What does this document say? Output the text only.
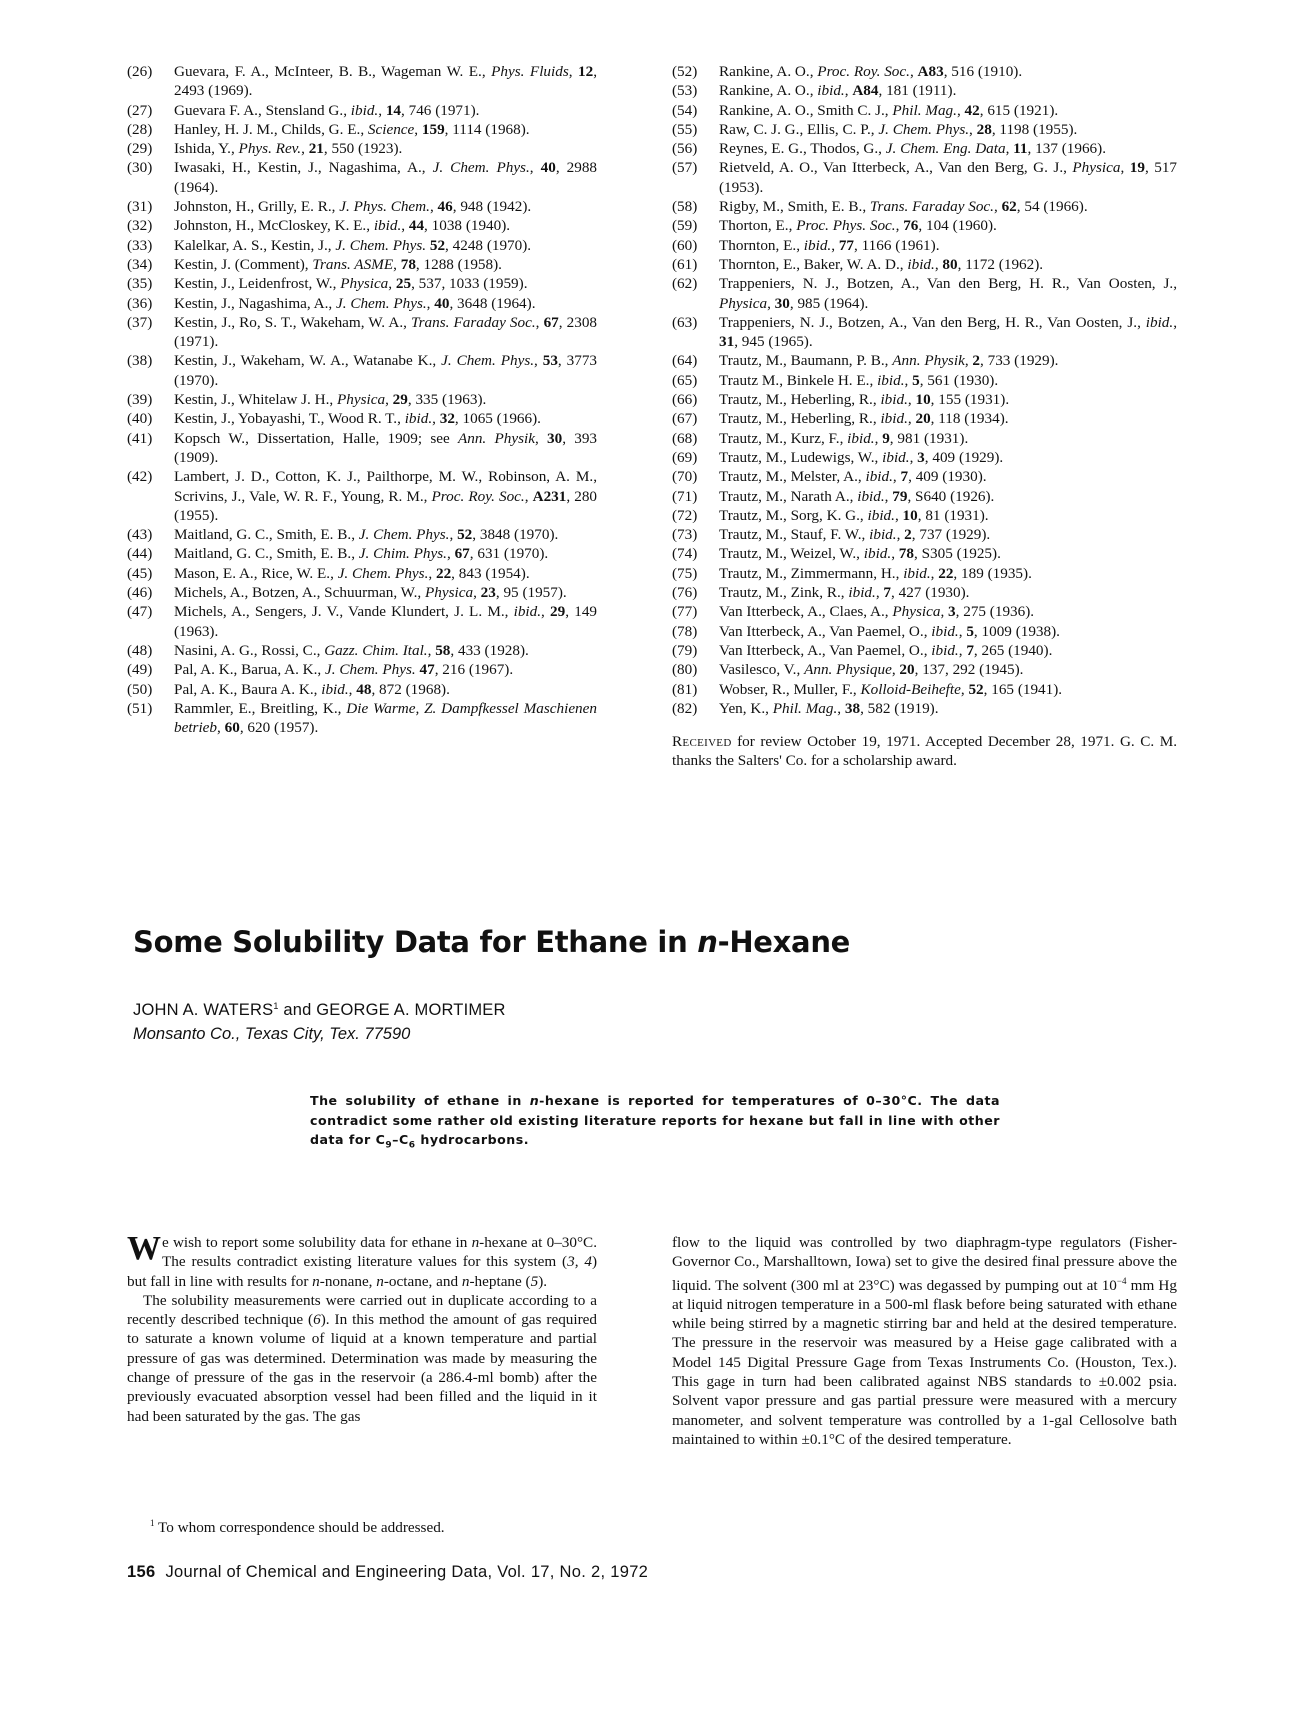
(26)	Guevara, F. A., McInteer, B. B., Wageman W. E., Phys. Fluids, 12, 2493 (1969).
(27)	Guevara F. A., Stensland G., ibid., 14, 746 (1971).
(28)	Hanley, H. J. M., Childs, G. E., Science, 159, 1114 (1968).
(29)	Ishida, Y., Phys. Rev., 21, 550 (1923).
(30)	Iwasaki, H., Kestin, J., Nagashima, A., J. Chem. Phys., 40, 2988 (1964).
(31)	Johnston, H., Grilly, E. R., J. Phys. Chem., 46, 948 (1942).
(32)	Johnston, H., McCloskey, K. E., ibid., 44, 1038 (1940).
(33)	Kalelkar, A. S., Kestin, J., J. Chem. Phys. 52, 4248 (1970).
(34)	Kestin, J. (Comment), Trans. ASME, 78, 1288 (1958).
(35)	Kestin, J., Leidenfrost, W., Physica, 25, 537, 1033 (1959).
(36)	Kestin, J., Nagashima, A., J. Chem. Phys., 40, 3648 (1964).
(37)	Kestin, J., Ro, S. T., Wakeham, W. A., Trans. Faraday Soc., 67, 2308 (1971).
(38)	Kestin, J., Wakeham, W. A., Watanabe K., J. Chem. Phys., 53, 3773 (1970).
(39)	Kestin, J., Whitelaw J. H., Physica, 29, 335 (1963).
(40)	Kestin, J., Yobayashi, T., Wood R. T., ibid., 32, 1065 (1966).
(41)	Kopsch W., Dissertation, Halle, 1909; see Ann. Physik, 30, 393 (1909).
(42)	Lambert, J. D., Cotton, K. J., Pailthorpe, M. W., Robinson, A. M., Scrivins, J., Vale, W. R. F., Young, R. M., Proc. Roy. Soc., A231, 280 (1955).
(43)	Maitland, G. C., Smith, E. B., J. Chem. Phys., 52, 3848 (1970).
(44)	Maitland, G. C., Smith, E. B., J. Chim. Phys., 67, 631 (1970).
(45)	Mason, E. A., Rice, W. E., J. Chem. Phys., 22, 843 (1954).
(46)	Michels, A., Botzen, A., Schuurman, W., Physica, 23, 95 (1957).
(47)	Michels, A., Sengers, J. V., Vande Klundert, J. L. M., ibid., 29, 149 (1963).
(48)	Nasini, A. G., Rossi, C., Gazz. Chim. Ital., 58, 433 (1928).
(49)	Pal, A. K., Barua, A. K., J. Chem. Phys. 47, 216 (1967).
(50)	Pal, A. K., Baura A. K., ibid., 48, 872 (1968).
(51)	Rammler, E., Breitling, K., Die Warme, Z. Dampfkessel Maschienen betrieb, 60, 620 (1957).
(52)	Rankine, A. O., Proc. Roy. Soc., A83, 516 (1910).
(53)	Rankine, A. O., ibid., A84, 181 (1911).
(54)	Rankine, A. O., Smith C. J., Phil. Mag., 42, 615 (1921).
(55)	Raw, C. J. G., Ellis, C. P., J. Chem. Phys., 28, 1198 (1955).
(56)	Reynes, E. G., Thodos, G., J. Chem. Eng. Data, 11, 137 (1966).
(57)	Rietveld, A. O., Van Itterbeck, A., Van den Berg, G. J., Physica, 19, 517 (1953).
(58)	Rigby, M., Smith, E. B., Trans. Faraday Soc., 62, 54 (1966).
(59)	Thorton, E., Proc. Phys. Soc., 76, 104 (1960).
(60)	Thornton, E., ibid., 77, 1166 (1961).
(61)	Thornton, E., Baker, W. A. D., ibid., 80, 1172 (1962).
(62)	Trappeniers, N. J., Botzen, A., Van den Berg, H. R., Van Oosten, J., Physica, 30, 985 (1964).
(63)	Trappeniers, N. J., Botzen, A., Van den Berg, H. R., Van Oosten, J., ibid., 31, 945 (1965).
(64)	Trautz, M., Baumann, P. B., Ann. Physik, 2, 733 (1929).
(65)	Trautz M., Binkele H. E., ibid., 5, 561 (1930).
(66)	Trautz, M., Heberling, R., ibid., 10, 155 (1931).
(67)	Trautz, M., Heberling, R., ibid., 20, 118 (1934).
(68)	Trautz, M., Kurz, F., ibid., 9, 981 (1931).
(69)	Trautz, M., Ludewigs, W., ibid., 3, 409 (1929).
(70)	Trautz, M., Melster, A., ibid., 7, 409 (1930).
(71)	Trautz, M., Narath A., ibid., 79, S640 (1926).
(72)	Trautz, M., Sorg, K. G., ibid., 10, 81 (1931).
(73)	Trautz, M., Stauf, F. W., ibid., 2, 737 (1929).
(74)	Trautz, M., Weizel, W., ibid., 78, S305 (1925).
(75)	Trautz, M., Zimmermann, H., ibid., 22, 189 (1935).
(76)	Trautz, M., Zink, R., ibid., 7, 427 (1930).
(77)	Van Itterbeck, A., Claes, A., Physica, 3, 275 (1936).
(78)	Van Itterbeck, A., Van Paemel, O., ibid., 5, 1009 (1938).
(79)	Van Itterbeck, A., Van Paemel, O., ibid., 7, 265 (1940).
(80)	Vasilesco, V., Ann. Physique, 20, 137, 292 (1945).
(81)	Wobser, R., Muller, F., Kolloid-Beihefte, 52, 165 (1941).
(82)	Yen, K., Phil. Mag., 38, 582 (1919).
Received for review October 19, 1971. Accepted December 28, 1971. G. C. M. thanks the Salters' Co. for a scholarship award.
Some Solubility Data for Ethane in n-Hexane
JOHN A. WATERS$^1$ and GEORGE A. MORTIMER
Monsanto Co., Texas City, Tex. 77590
The solubility of ethane in n-hexane is reported for temperatures of 0–30°C. The data contradict some rather old existing literature reports for hexane but fall in line with other data for $C_9-C_6$ hydrocarbons.
We wish to report some solubility data for ethane in n-hexane at 0–30°C. The results contradict existing literature values for this system (3, 4) but fall in line with results for n-nonane, n-octane, and n-heptane (5).
The solubility measurements were carried out in duplicate according to a recently described technique (6). In this method the amount of gas required to saturate a known volume of liquid at a known temperature and partial pressure of gas was determined. Determination was made by measuring the change of pressure of the gas in the reservoir (a 286.4-ml bomb) after the previously evacuated absorption vessel had been filled and the liquid in it had been saturated by the gas. The gas
flow to the liquid was controlled by two diaphragm-type regulators (Fisher-Governor Co., Marshalltown, Iowa) set to give the desired final pressure above the liquid. The solvent (300 ml at 23°C) was degassed by pumping out at $10^{-4}$ mm Hg at liquid nitrogen temperature in a 500-ml flask before being saturated with ethane while being stirred by a magnetic stirring bar and held at the desired temperature. The pressure in the reservoir was measured by a Heise gage calibrated with a Model 145 Digital Pressure Gage from Texas Instruments Co. (Houston, Tex.). This gage in turn had been calibrated against NBS standards to ±0.002 psia. Solvent vapor pressure and gas partial pressure were measured with a mercury manometer, and solvent temperature was controlled by a 1-gal Cellosolve bath maintained to within ±0.1°C of the desired temperature.
$^1$ To whom correspondence should be addressed.
156 Journal of Chemical and Engineering Data, Vol. 17, No. 2, 1972
